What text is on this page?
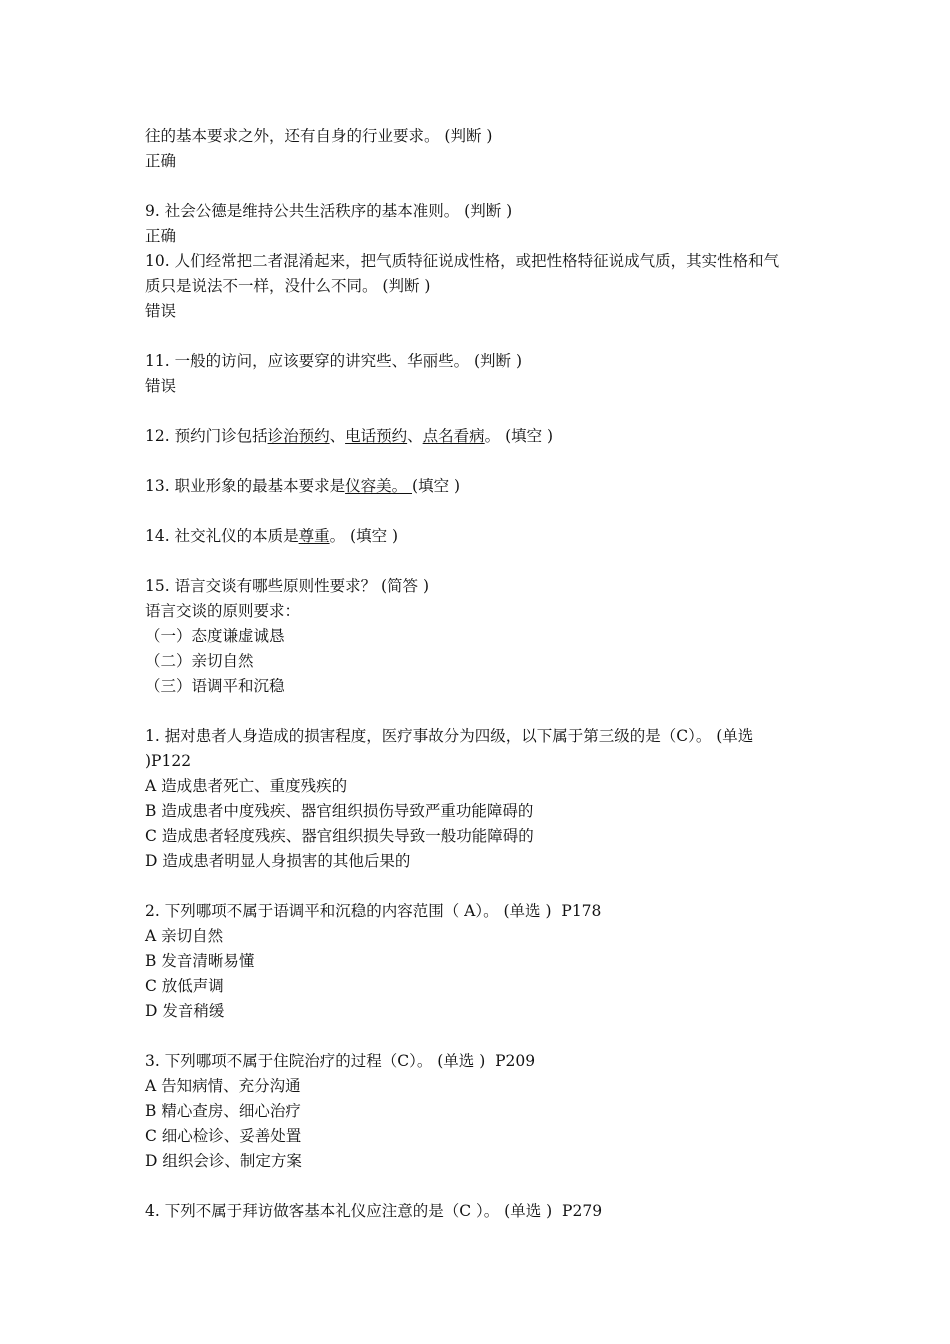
往的基本要求之外，还有自身的行业要求。 (判断 )
正确
9. 社会公德是维持公共生活秩序的基本准则。 (判断 )
正确
10. 人们经常把二者混淆起来，把气质特征说成性格，或把性格特征说成气质，其实性格和气
质只是说法不一样，没什么不同。 (判断 )
错误
11. 一般的访问，应该要穿的讲究些、华丽些。 (判断 )
错误
12. 预约门诊包括诊治预约、电话预约、点名看病。 (填空 )
13. 职业形象的最基本要求是仪容美。 (填空 )
14. 社交礼仪的本质是尊重。 (填空 )
15. 语言交谈有哪些原则性要求？ (简答 )
语言交谈的原则要求：
（一）态度谦虚诚恳
（二）亲切自然
（三）语调平和沉稳
1. 据对患者人身造成的损害程度，医疗事故分为四级，以下属于第三级的是（C）。 (单选
)P122
A 造成患者死亡、重度残疾的
B 造成患者中度残疾、器官组织损伤导致严重功能障碍的
C 造成患者轻度残疾、器官组织损失导致一般功能障碍的
D 造成患者明显人身损害的其他后果的
2. 下列哪项不属于语调平和沉稳的内容范围（ A）。 (单选 )  P178
A 亲切自然
B 发音清晰易懂
C 放低声调
D 发音稍缓
3. 下列哪项不属于住院治疗的过程（C）。 (单选 )  P209
A 告知病情、充分沟通
B 精心查房、细心治疗
C 细心检诊、妥善处置
D 组织会诊、制定方案
4. 下列不属于拜访做客基本礼仪应注意的是（C ）。 (单选 )  P279
